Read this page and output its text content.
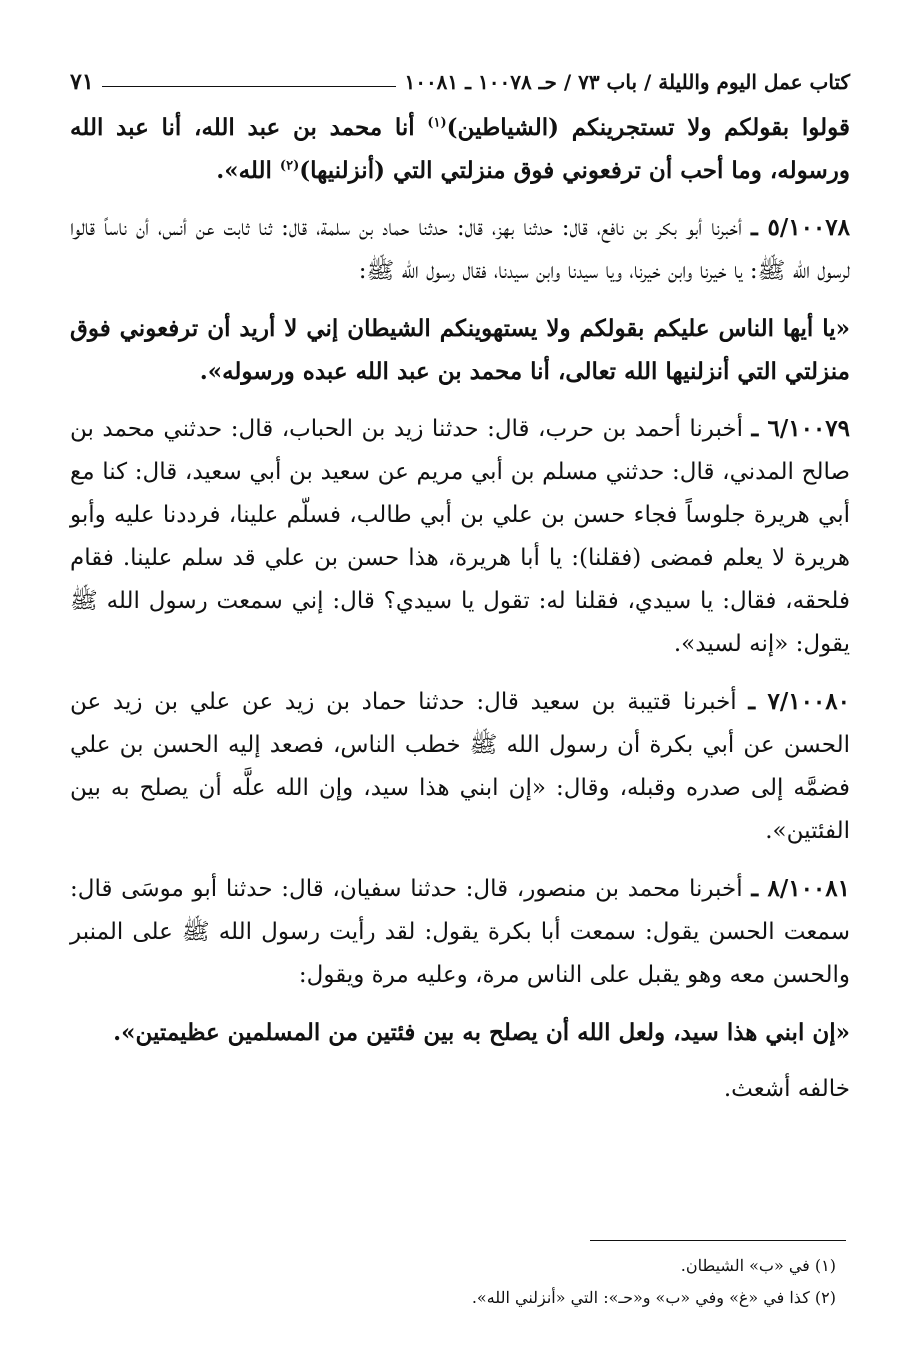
كتاب عمل اليوم والليلة / باب ٧٣ / حـ ١٠٠٧٨ ـ ١٠٠٨١
٧١

قولوا بقولكم ولا تستجرينكم (الشياطين)$^{(١)}$ أنا محمد بن عبد الله، أنا عبد الله ورسوله، وما أحب أن ترفعوني فوق منزلتي التي (أنزلنيها)$^{(٢)}$ الله».

٥/١٠٠٧٨ ـ أخبرنا أبو بكر بن نافع، قال: حدثنا بهز، قال: حدثنا حماد بن سلمة، قال: ثنا ثابت عن أنس، أن ناساً قالوا لرسول الله ﷺ: يا خيرنا وابن خيرنا، ويا سيدنا وابن سيدنا، فقال رسول الله ﷺ:

«يا أيها الناس عليكم بقولكم ولا يستهوينكم الشيطان إني لا أريد أن ترفعوني فوق منزلتي التي أنزلنيها الله تعالى، أنا محمد بن عبد الله عبده ورسوله».

٦/١٠٠٧٩ ـ أخبرنا أحمد بن حرب، قال: حدثنا زيد بن الحباب، قال: حدثني محمد بن صالح المدني، قال: حدثني مسلم بن أبي مريم عن سعيد بن أبي سعيد، قال: كنا مع أبي هريرة جلوساً فجاء حسن بن علي بن أبي طالب، فسلّم علينا، فرددنا عليه وأبو هريرة لا يعلم فمضى (فقلنا): يا أبا هريرة، هذا حسن بن علي قد سلم علينا. فقام فلحقه، فقال: يا سيدي، فقلنا له: تقول يا سيدي؟ قال: إني سمعت رسول الله ﷺ يقول: «إنه لسيد».

٧/١٠٠٨٠ ـ أخبرنا قتيبة بن سعيد قال: حدثنا حماد بن زيد عن علي بن زيد عن الحسن عن أبي بكرة أن رسول الله ﷺ خطب الناس، فصعد إليه الحسن بن علي فضمَّه إلى صدره وقبله، وقال: «إن ابني هذا سيد، وإن الله علَّه أن يصلح به بين الفئتين».

٨/١٠٠٨١ ـ أخبرنا محمد بن منصور، قال: حدثنا سفيان، قال: حدثنا أبو موسَى قال: سمعت الحسن يقول: سمعت أبا بكرة يقول: لقد رأيت رسول الله ﷺ على المنبر والحسن معه وهو يقبل على الناس مرة، وعليه مرة ويقول:

«إن ابني هذا سيد، ولعل الله أن يصلح به بين فئتين من المسلمين عظيمتين».

خالفه أشعث.

(١) في «ب» الشيطان.
(٢) كذا في «غ» وفي «ب» و«حـ»: التي «أنزلني الله».
